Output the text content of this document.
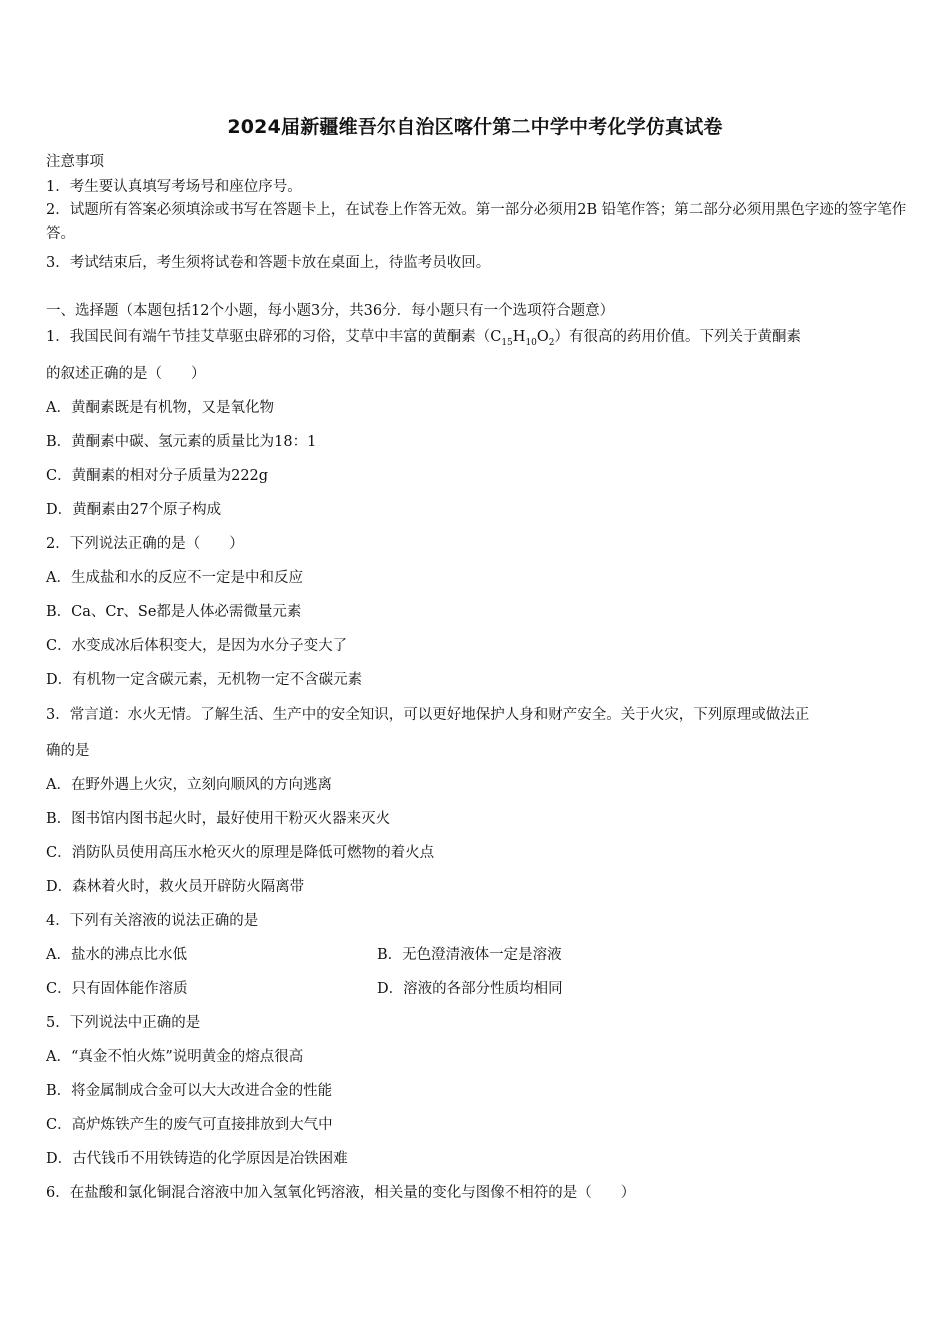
2024届新疆维吾尔自治区喀什第二中学中考化学仿真试卷
注意事项
1．考生要认真填写考场号和座位序号。
2．试题所有答案必须填涂或书写在答题卡上，在试卷上作答无效。第一部分必须用2B 铅笔作答；第二部分必须用黑色字迹的签字笔作答。
3．考试结束后，考生须将试卷和答题卡放在桌面上，待监考员收回。
一、选择题（本题包括12个小题，每小题3分，共36分．每小题只有一个选项符合题意）
1．我国民间有端午节挂艾草驱虫辟邪的习俗，艾草中丰富的黄酮素$(C_{15}H_{10}O_2)$有很高的药用价值。下列关于黄酮素
的叙述正确的是（　　）
A．黄酮素既是有机物，又是氧化物
B．黄酮素中碳、氢元素的质量比为18：1
C．黄酮素的相对分子质量为222g
D．黄酮素由27个原子构成
2．下列说法正确的是（　　）
A．生成盐和水的反应不一定是中和反应
B．Ca、Cr、Se都是人体必需微量元素
C．水变成冰后体积变大，是因为水分子变大了
D．有机物一定含碳元素，无机物一定不含碳元素
3．常言道：水火无情。了解生活、生产中的安全知识，可以更好地保护人身和财产安全。关于火灾，下列原理或做法正
确的是
A．在野外遇上火灾，立刻向顺风的方向逃离
B．图书馆内图书起火时，最好使用干粉灭火器来灭火
C．消防队员使用高压水枪灭火的原理是降低可燃物的着火点
D．森林着火时，救火员开辟防火隔离带
4．下列有关溶液的说法正确的是
A．盐水的沸点比水低	B．无色澄清液体一定是溶液
C．只有固体能作溶质	D．溶液的各部分性质均相同
5．下列说法中正确的是
A．“真金不怕火炼”说明黄金的熔点很高
B．将金属制成合金可以大大改进合金的性能
C．高炉炼铁产生的废气可直接排放到大气中
D．古代钱币不用铁铸造的化学原因是冶铁困难
6．在盐酸和氯化铜混合溶液中加入氢氧化钙溶液，相关量的变化与图像不相符的是（　　）
